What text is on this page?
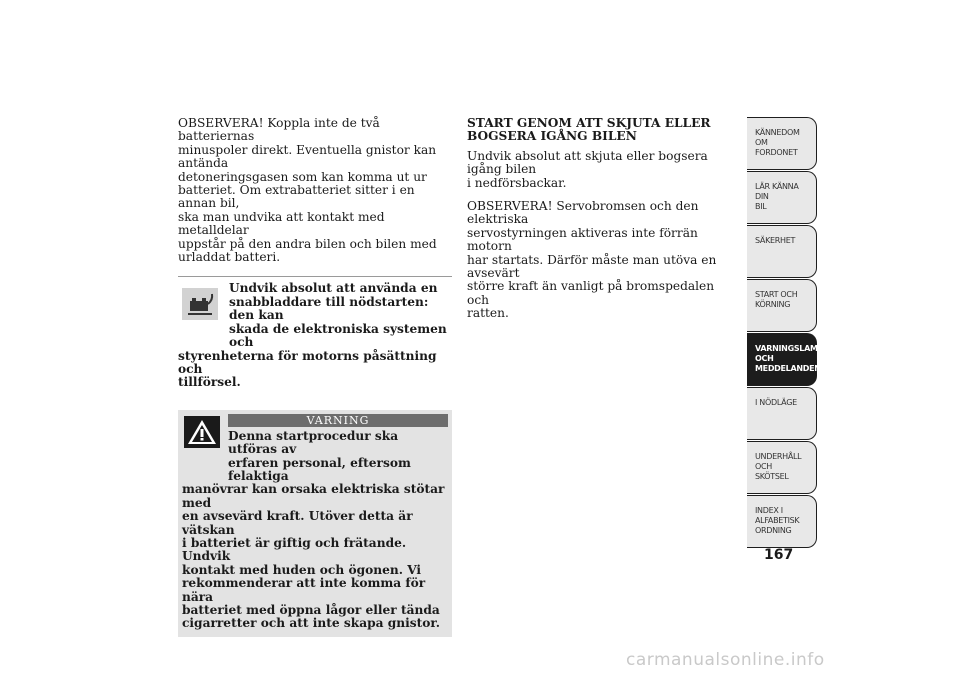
OBSERVERA! Koppla inte de två batteriernas

minuspoler direkt. Eventuella gnistor kan antända

detoneringsgasen som kan komma ut ur

batteriet. Om extrabatteriet sitter i en annan bil,

ska man undvika att kontakt med metalldelar

uppstår på den andra bilen och bilen med

urladdat batteri.

Undvik absolut att använda en

snabbladdare till nödstarten: den kan

skada de elektroniska systemen och

styrenheterna för motorns påsättning och

tillförsel.

VARNING

Denna startprocedur ska utföras av

erfaren personal, eftersom felaktiga

manövrar kan orsaka elektriska stötar med

en avsevärd kraft. Utöver detta är vätskan

i batteriet är giftig och frätande. Undvik

kontakt med huden och ögonen. Vi

rekommenderar att inte komma för nära

batteriet med öppna lågor eller tända

cigarretter och att inte skapa gnistor.

START GENOM ATT SKJUTA ELLER

BOGSERA IGÅNG BILEN

Undvik absolut att skjuta eller bogsera igång bilen

i nedförsbackar.

OBSERVERA! Servobromsen och den elektriska

servostyrningen aktiveras inte förrän motorn

har startats. Därför måste man utöva en avsevärt

större kraft än vanligt på bromspedalen och

ratten.

KÄNNEDOM OM
FORDONET
LÄR KÄNNA DIN
BIL
SÄKERHET
START OCH
KÖRNING
VARNINGSLAMPOR
OCH
MEDDELANDEN
I NÖDLÄGE
UNDERHÅLL OCH
SKÖTSEL
INDEX I
ALFABETISK
ORDNING
167
carmanualsonline.info
